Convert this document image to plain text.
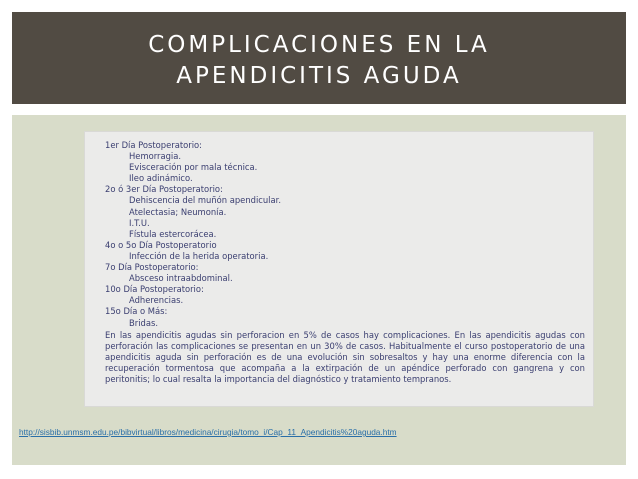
COMPLICACIONES EN LA
APENDICITIS AGUDA
1er Día Postoperatorio:
Hemorragia.
Evisceración por mala técnica.
Ileo adinámico.
2o ó 3er Día Postoperatorio:
Dehiscencia del muñón apendicular.
Atelectasia; Neumonía.
I.T.U.
Fístula estercorácea.
4o o 5o Día Postoperatorio
Infección de la herida operatoria.
7o Día Postoperatorio:
Absceso intraabdominal.
10o Día Postoperatorio:
Adherencias.
15o Día o Más:
Bridas.
En las apendicitis agudas sin perforacion en 5% de casos hay complicaciones. En las apendicitis agudas con perforación las complicaciones se presentan en un 30% de casos. Habitualmente el curso postoperatorio de una apendicitis aguda sin perforación es de una evolución sin sobresaltos y hay una enorme diferencia con la recuperación tormentosa que acompaña a la extirpación de un apéndice perforado con gangrena y con peritonitis; lo cual resalta la importancia del diagnóstico y tratamiento tempranos.
http://sisbib.unmsm.edu.pe/bibvirtual/libros/medicina/cirugia/tomo_i/Cap_11_Apendicitis%20aguda.htm
